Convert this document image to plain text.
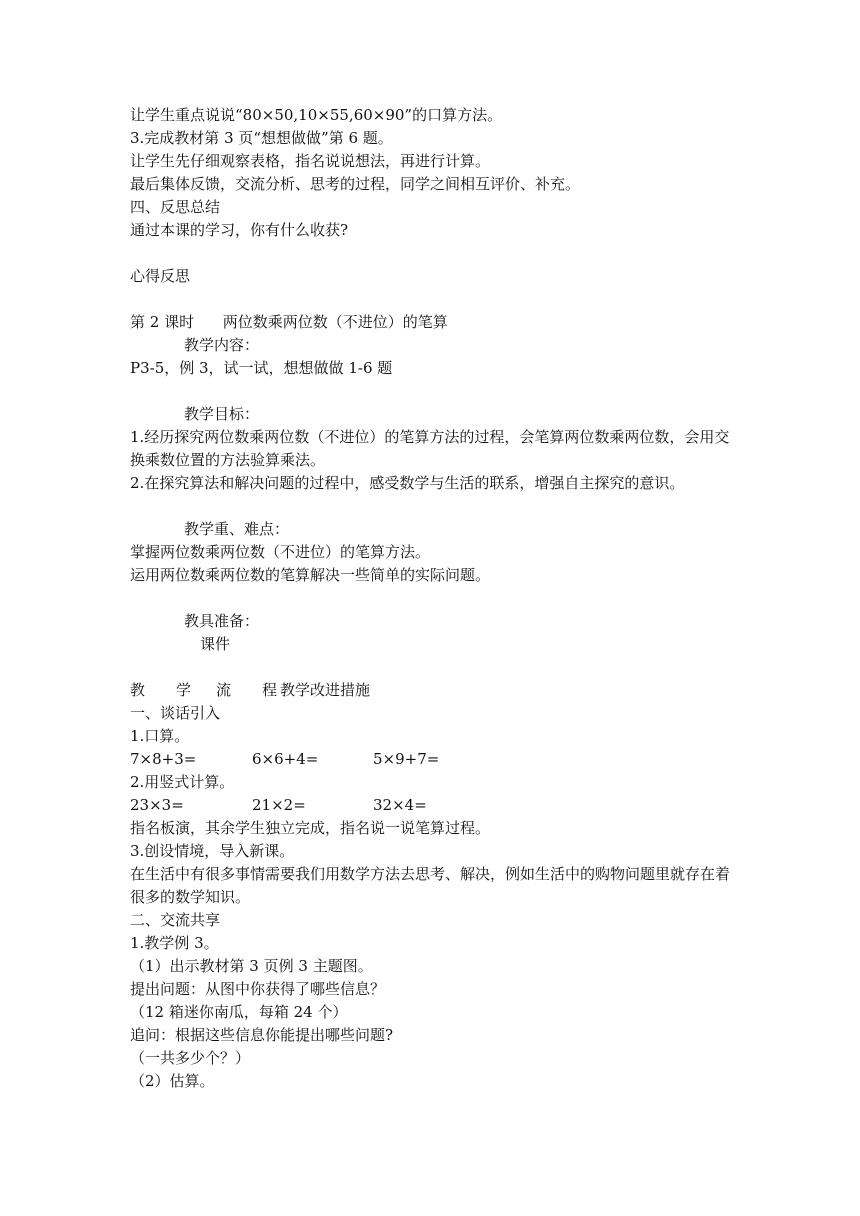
让学生重点说说“80×50,10×55,60×90”的口算方法。
3.完成教材第 3 页“想想做做”第 6 题。
让学生先仔细观察表格，指名说说想法，再进行计算。
最后集体反馈，交流分析、思考的过程，同学之间相互评价、补充。
四、反思总结
通过本课的学习，你有什么收获?
心得反思
第 2 课时      两位数乘两位数（不进位）的笔算
教学内容：
P3-5，例 3，试一试，想想做做 1-6 题
教学目标：
1.经历探究两位数乘两位数（不进位）的笔算方法的过程，会笔算两位数乘两位数，会用交换乘数位置的方法验算乘法。
2.在探究算法和解决问题的过程中，感受数学与生活的联系，增强自主探究的意识。
教学重、难点：
掌握两位数乘两位数（不进位）的笔算方法。
运用两位数乘两位数的笔算解决一些简单的实际问题。
教具准备：
课件
教 学 流 程 教学改进措施
一、谈话引入
1.口算。
7×8+3=	6×6+4=	5×9+7=
2.用竖式计算。
23×3=	21×2=	32×4=
指名板演，其余学生独立完成，指名说一说笔算过程。
3.创设情境，导入新课。
在生活中有很多事情需要我们用数学方法去思考、解决，例如生活中的购物问题里就存在着很多的数学知识。
二、交流共享
1.教学例 3。
（1）出示教材第 3 页例 3 主题图。
提出问题：从图中你获得了哪些信息？
（12 箱迷你南瓜，每箱 24 个）
追问：根据这些信息你能提出哪些问题?
（一共多少个？）
（2）估算。
